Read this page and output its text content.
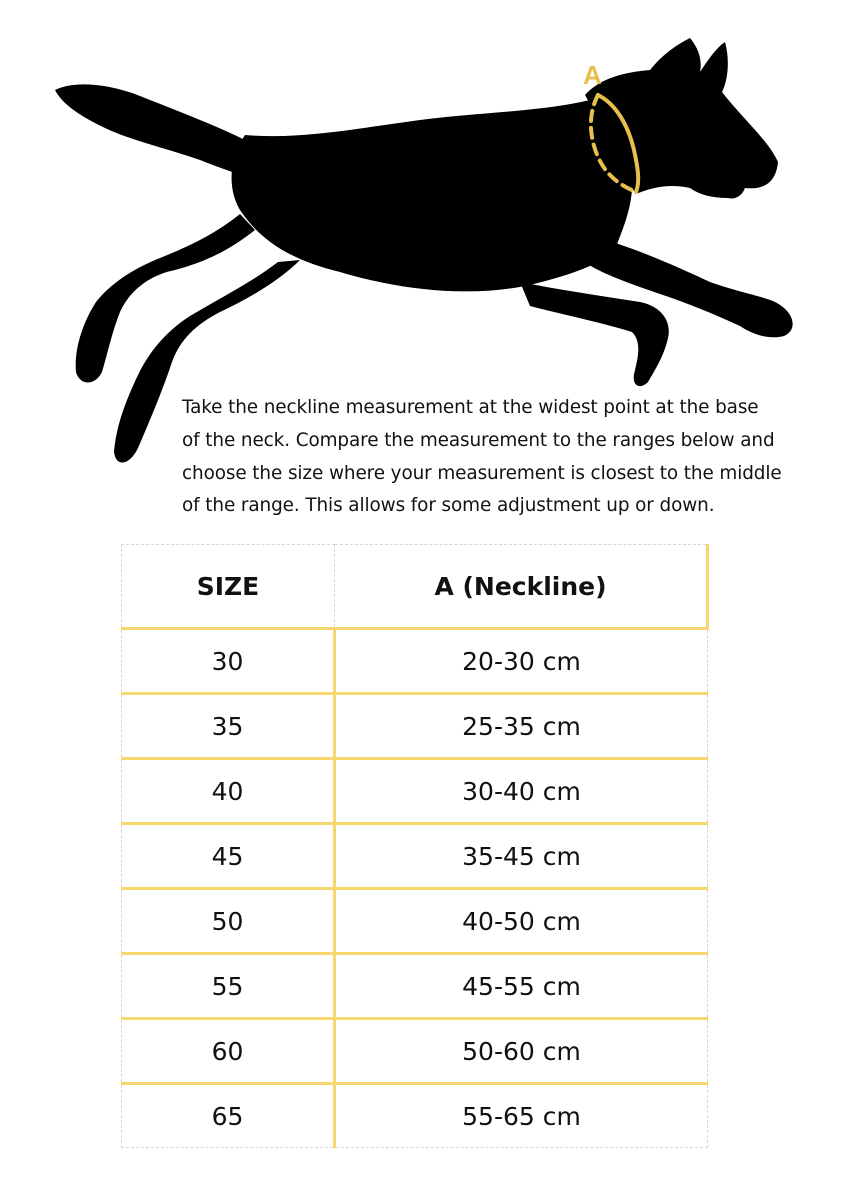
A

Take the neckline measurement at the widest point at the base
of the neck. Compare the measurement to the ranges below and
choose the size where your measurement is closest to the middle
of the range. This allows for some adjustment up or down.

SIZE	A (Neckline)
30	20-30 cm
35	25-35 cm
40	30-40 cm
45	35-45 cm
50	40-50 cm
55	45-55 cm
60	50-60 cm
65	55-65 cm
